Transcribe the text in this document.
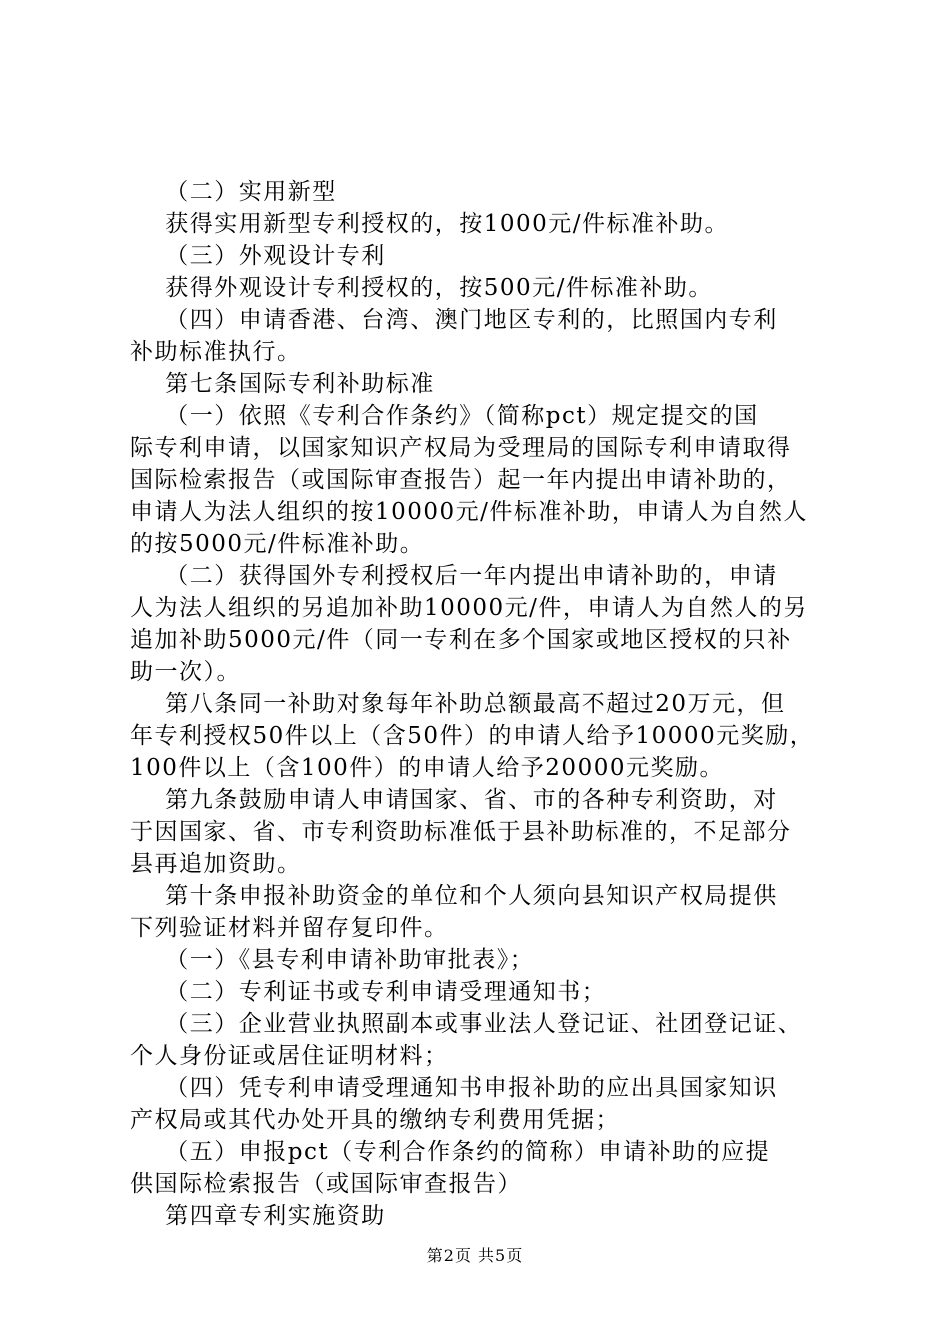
（二）实用新型
获得实用新型专利授权的，按1000元/件标准补助。
（三）外观设计专利
获得外观设计专利授权的，按500元/件标准补助。
（四）申请香港、台湾、澳门地区专利的，比照国内专利
补助标准执行。
第七条国际专利补助标准
（一）依照《专利合作条约》（简称pct）规定提交的国
际专利申请，以国家知识产权局为受理局的国际专利申请取得
国际检索报告（或国际审查报告）起一年内提出申请补助的，
申请人为法人组织的按10000元/件标准补助，申请人为自然人
的按5000元/件标准补助。
（二）获得国外专利授权后一年内提出申请补助的，申请
人为法人组织的另追加补助10000元/件，申请人为自然人的另
追加补助5000元/件（同一专利在多个国家或地区授权的只补
助一次）。
第八条同一补助对象每年补助总额最高不超过20万元，但
年专利授权50件以上（含50件）的申请人给予10000元奖励，
100件以上（含100件）的申请人给予20000元奖励。
第九条鼓励申请人申请国家、省、市的各种专利资助，对
于因国家、省、市专利资助标准低于县补助标准的，不足部分
县再追加资助。
第十条申报补助资金的单位和个人须向县知识产权局提供
下列验证材料并留存复印件。
（一）《县专利申请补助审批表》；
（二）专利证书或专利申请受理通知书；
（三）企业营业执照副本或事业法人登记证、社团登记证、
个人身份证或居住证明材料；
（四）凭专利申请受理通知书申报补助的应出具国家知识
产权局或其代办处开具的缴纳专利费用凭据；
（五）申报pct（专利合作条约的简称）申请补助的应提
供国际检索报告（或国际审查报告）
第四章专利实施资助
第2页 共5页
